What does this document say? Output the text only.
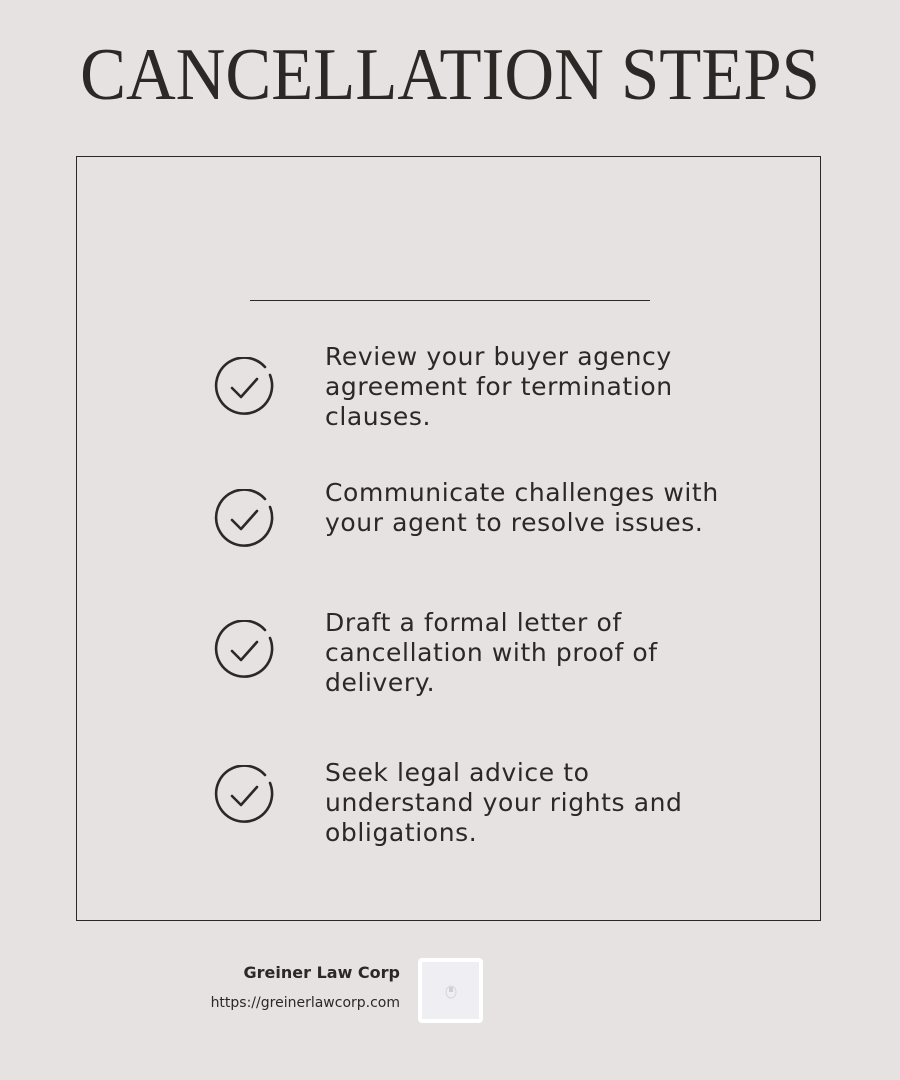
CANCELLATION STEPS
Review your buyer agency agreement for termination clauses.
Communicate challenges with your agent to resolve issues.
Draft a formal letter of cancellation with proof of delivery.
Seek legal advice to understand your rights and obligations.
Greiner Law Corp
https://greinerlawcorp.com
